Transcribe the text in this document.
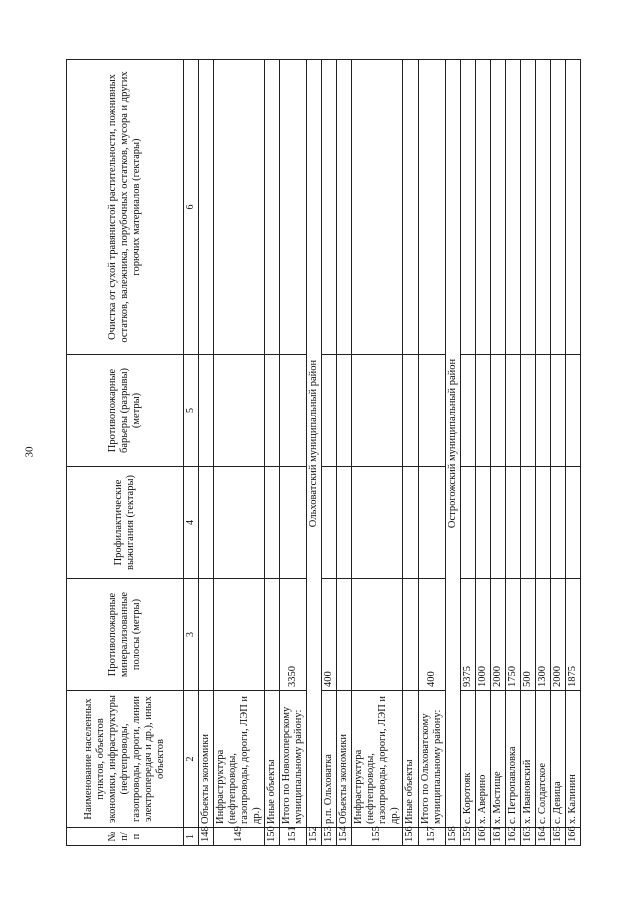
30
№ п/п	Наименование населенных пунктов, объектов экономики, инфраструктуры (нефтепроводы, газопроводы, дороги, линии электропередач и др.), иных объектов	Противопожарные минерализованные полосы (метры)	Профилактические выжигания (гектары)	Противопожарные барьеры (разрывы) (метры)	Очистка от сухой травянистой растительности, пожнивных остатков, валежника, порубочных остатков, мусора и других горючих материалов (гектары)
1	2	3	4	5	6
148	Объекты экономики				
149	Инфраструктура (нефтепроводы, газопроводы, дороги, ЛЭП и др.)				
150	Иные объекты				
151	Итого по Новохоперскому муниципальному району:	3350			
152	Ольховатский муниципальный район				
153	р.п. Ольховатка	400			
154	Объекты экономики				
155	Инфраструктура (нефтепроводы, газопроводы, дороги, ЛЭП и др.)				
156	Иные объекты				
157	Итого по Ольховатскому муниципальному району:	400			
158	Острогожский муниципальный район				
159	с. Коротояк	9375			
160	х. Аверино	1000			
161	х. Мостище	2000			
162	с. Петропавловка	1750			
163	х. Ивановский	500			
164	с. Солдатское	1300			
165	с. Девица	2000			
166	х. Калинин	1875			
